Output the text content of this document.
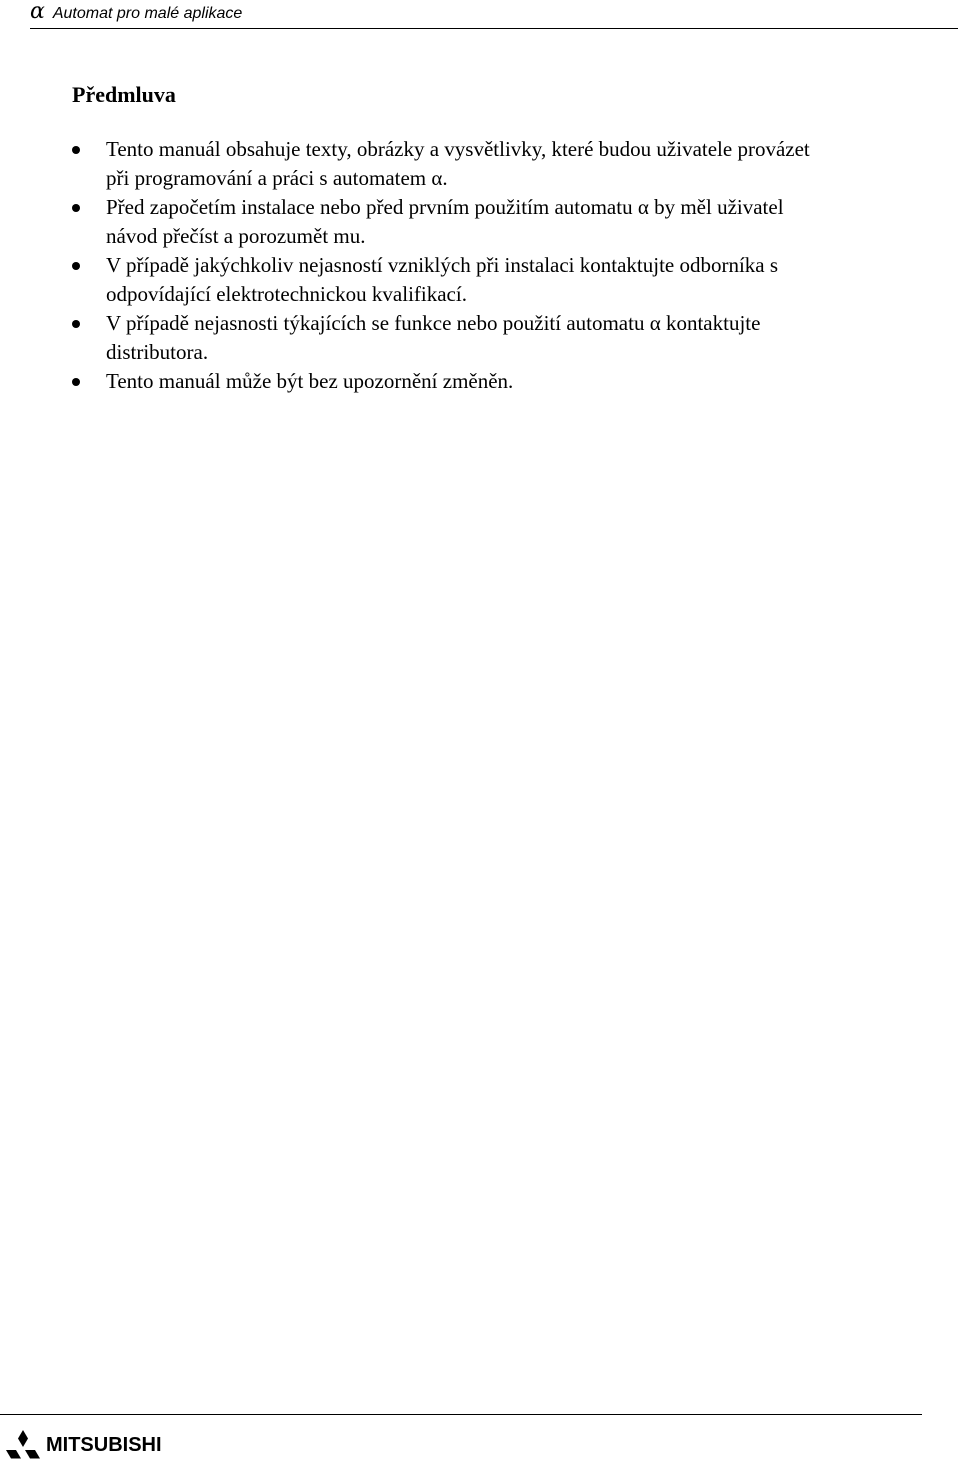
α Automat pro malé aplikace
Předmluva
Tento manuál obsahuje texty, obrázky a vysvětlivky, které budou uživatele provázet
při programování a práci s automatem α.
Před započetím instalace nebo před prvním použitím automatu α by měl uživatel
návod přečíst a porozumět mu.
V případě jakýchkoliv nejasností vzniklých při instalaci kontaktujte odborníka s
odpovídající elektrotechnickou kvalifikací.
V případě nejasnosti týkajících se funkce nebo použití automatu α kontaktujte
distributora.
Tento manuál může být bez upozornění změněn.
MITSUBISHI
